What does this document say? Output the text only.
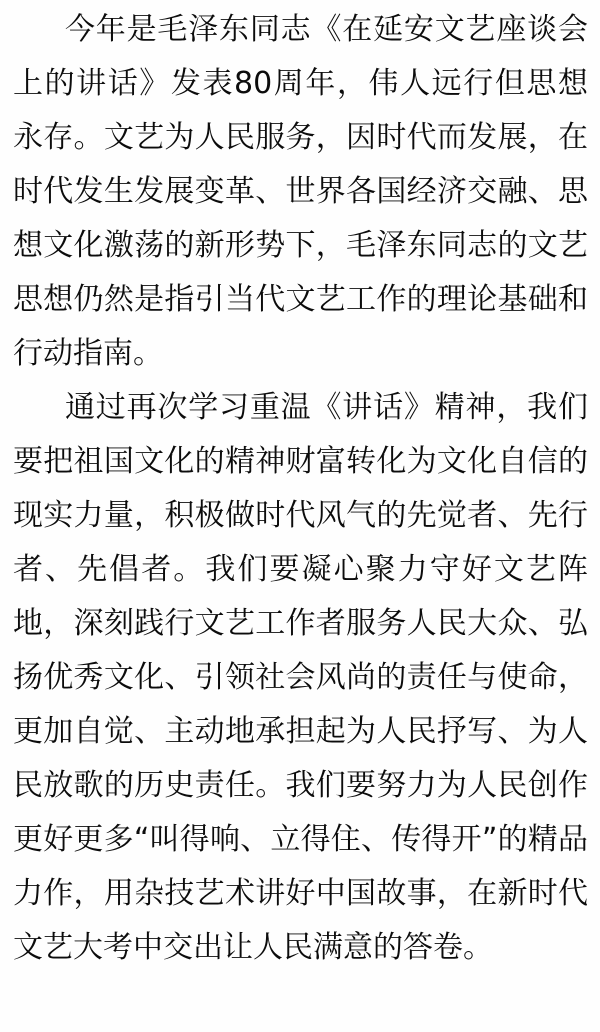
今年是毛泽东同志《在延安文艺座谈会
上的讲话》发表80周年，伟人远行但思想
永存。文艺为人民服务，因时代而发展，在
时代发生发展变革、世界各国经济交融、思
想文化激荡的新形势下，毛泽东同志的文艺
思想仍然是指引当代文艺工作的理论基础和
行动指南。
通过再次学习重温《讲话》精神，我们
要把祖国文化的精神财富转化为文化自信的
现实力量，积极做时代风气的先觉者、先行
者、先倡者。我们要凝心聚力守好文艺阵
地，深刻践行文艺工作者服务人民大众、弘
扬优秀文化、引领社会风尚的责任与使命，
更加自觉、主动地承担起为人民抒写、为人
民放歌的历史责任。我们要努力为人民创作
更好更多“叫得响、立得住、传得开”的精品
力作，用杂技艺术讲好中国故事，在新时代
文艺大考中交出让人民满意的答卷。
